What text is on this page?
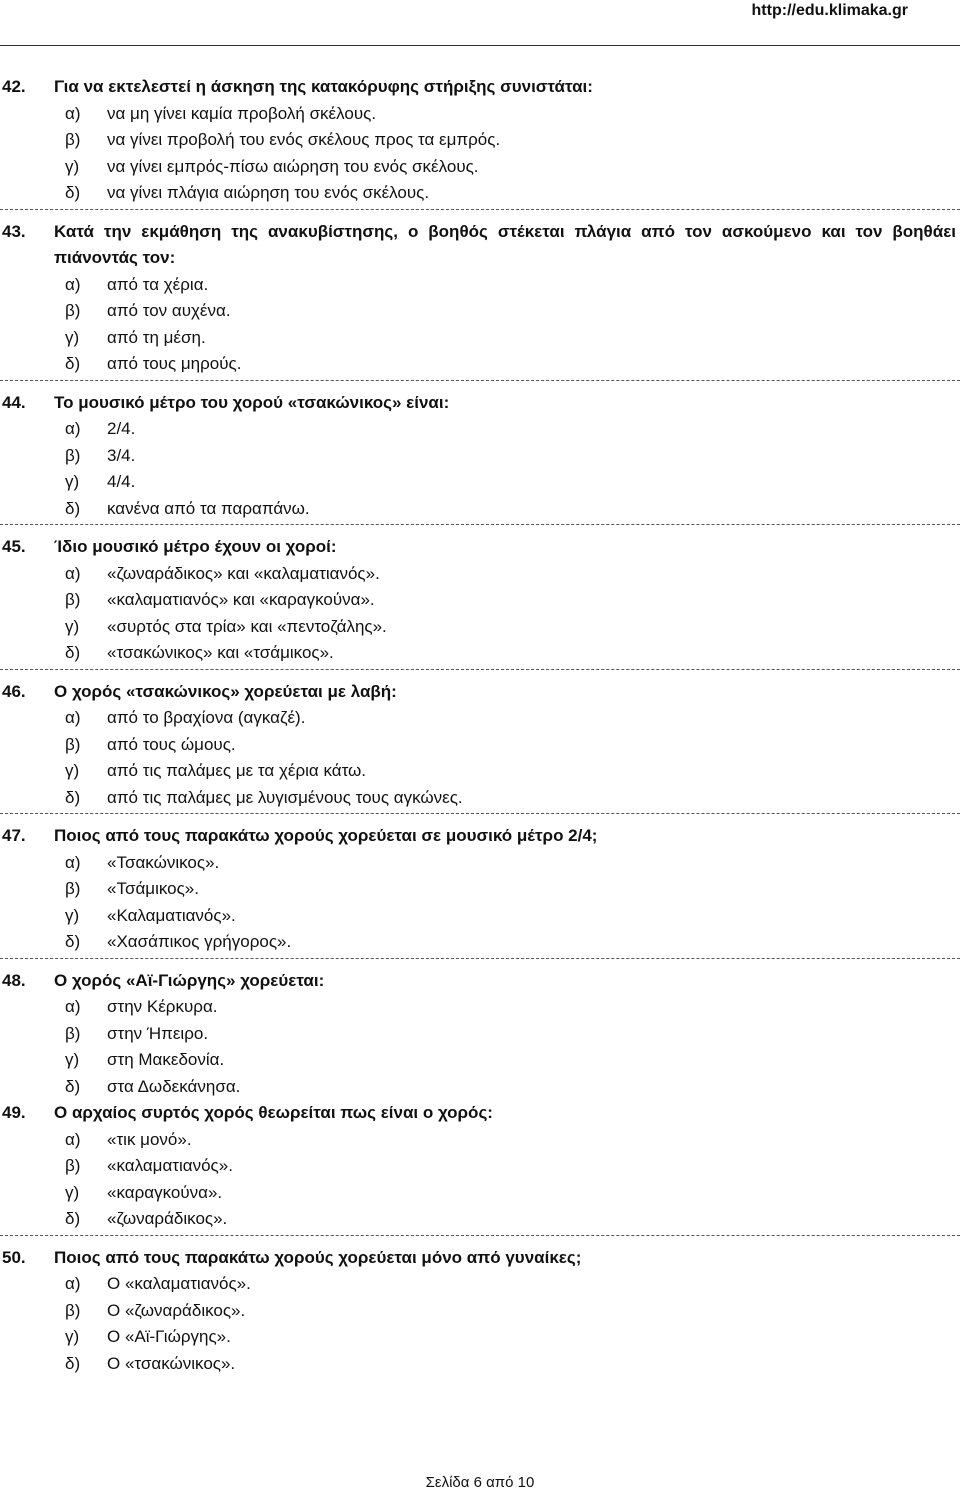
http://edu.klimaka.gr
42.	Για να εκτελεστεί η άσκηση της κατακόρυφης στήριξης συνιστάται:
α)	να μη γίνει καμία προβολή σκέλους.
β)	να γίνει προβολή του ενός σκέλους προς τα εμπρός.
γ)	να γίνει εμπρός-πίσω αιώρηση του ενός σκέλους.
δ)	να γίνει πλάγια αιώρηση του ενός σκέλους.
43.	Κατά την εκμάθηση της ανακυβίστησης, ο βοηθός στέκεται πλάγια από τον ασκούμενο και τον βοηθάει πιάνοντάς τον:
α)	από τα χέρια.
β)	από τον αυχένα.
γ)	από τη μέση.
δ)	από τους μηρούς.
44.	Το μουσικό μέτρο του χορού «τσακώνικος» είναι:
α)	2/4.
β)	3/4.
γ)	4/4.
δ)	κανένα από τα παραπάνω.
45.	Ίδιο μουσικό μέτρο έχουν οι χοροί:
α)	«ζωναράδικος» και «καλαματιανός».
β)	«καλαματιανός» και «καραγκούνα».
γ)	«συρτός στα τρία» και «πεντοζάλης».
δ)	«τσακώνικος» και «τσάμικος».
46.	Ο χορός «τσακώνικος» χορεύεται με λαβή:
α)	από το βραχίονα (αγκαζέ).
β)	από τους ώμους.
γ)	από τις παλάμες με τα χέρια κάτω.
δ)	από τις παλάμες με λυγισμένους τους αγκώνες.
47.	Ποιος από τους παρακάτω χορούς χορεύεται σε μουσικό μέτρο 2/4;
α)	«Τσακώνικος».
β)	«Τσάμικος».
γ)	«Καλαματιανός».
δ)	«Χασάπικος γρήγορος».
48.	Ο χορός «Αϊ-Γιώργης» χορεύεται:
α)	στην Κέρκυρα.
β)	στην Ήπειρο.
γ)	στη Μακεδονία.
δ)	στα Δωδεκάνησα.
49.	Ο αρχαίος συρτός χορός θεωρείται πως είναι ο χορός:
α)	«τικ μονό».
β)	«καλαματιανός».
γ)	«καραγκούνα».
δ)	«ζωναράδικος».
50.	Ποιος από τους παρακάτω χορούς χορεύεται μόνο από γυναίκες;
α)	Ο «καλαματιανός».
β)	Ο «ζωναράδικος».
γ)	Ο «Αϊ-Γιώργης».
δ)	Ο «τσακώνικος».
Σελίδα 6 από 10
